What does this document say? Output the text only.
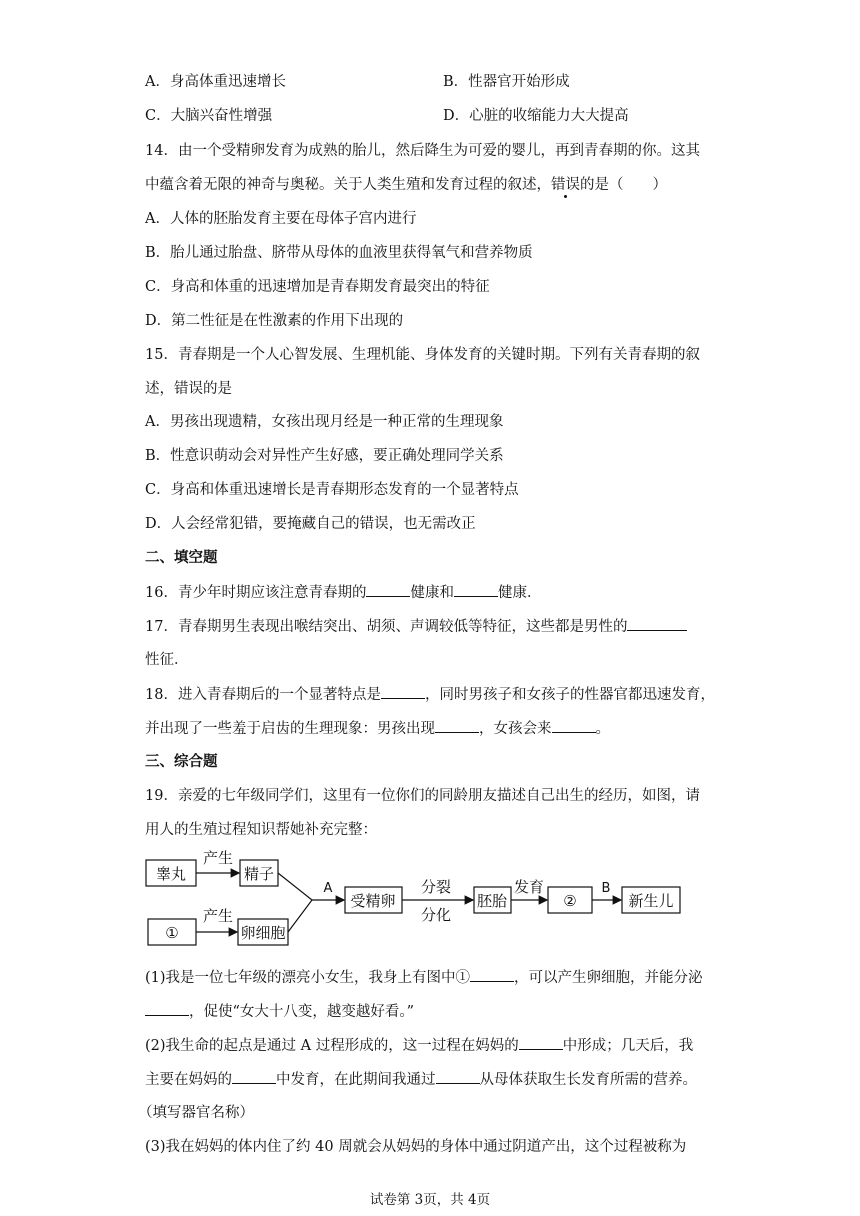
A．身高体重迅速增长	B．性器官开始形成
C．大脑兴奋性增强	D．心脏的收缩能力大大提高
14．由一个受精卵发育为成熟的胎儿，然后降生为可爱的婴儿，再到青春期的你。这其
中蕴含着无限的神奇与奥秘。关于人类生殖和发育过程的叙述，错误的是（　　）
A．人体的胚胎发育主要在母体子宫内进行
B．胎儿通过胎盘、脐带从母体的血液里获得氧气和营养物质
C．身高和体重的迅速增加是青春期发育最突出的特征
D．第二性征是在性激素的作用下出现的
15．青春期是一个人心智发展、生理机能、身体发育的关键时期。下列有关青春期的叙
述，错误的是
A．男孩出现遗精，女孩出现月经是一种正常的生理现象
B．性意识萌动会对异性产生好感，要正确处理同学关系
C．身高和体重迅速增长是青春期形态发育的一个显著特点
D．人会经常犯错，要掩藏自己的错误，也无需改正
二、填空题
16．青少年时期应该注意青春期的	健康和	健康．
17．青春期男生表现出喉结突出、胡须、声调较低等特征，这些都是男性的
性征．
18．进入青春期后的一个显著特点是	，同时男孩子和女孩子的性器官都迅速发育，
并出现了一些羞于启齿的生理现象：男孩出现	，女孩会来	。
三、综合题
19．亲爱的七年级同学们，这里有一位你们的同龄朋友描述自己出生的经历，如图，请
用人的生殖过程知识帮她补充完整：
睾丸
产生
精子
①
产生
卵细胞
A
受精卵
分裂
分化
胚胎
发育
②
B
新生儿
(1)我是一位七年级的漂亮小女生，我身上有图中①	，可以产生卵细胞，并能分泌
，促使“女大十八变，越变越好看。”
(2)我生命的起点是通过 A 过程形成的，这一过程在妈妈的	中形成；几天后，我
主要在妈妈的	中发育，在此期间我通过	从母体获取生长发育所需的营养。
（填写器官名称）
(3)我在妈妈的体内住了约 40 周就会从妈妈的身体中通过阴道产出，这个过程被称为
试卷第 3页，共 4页
